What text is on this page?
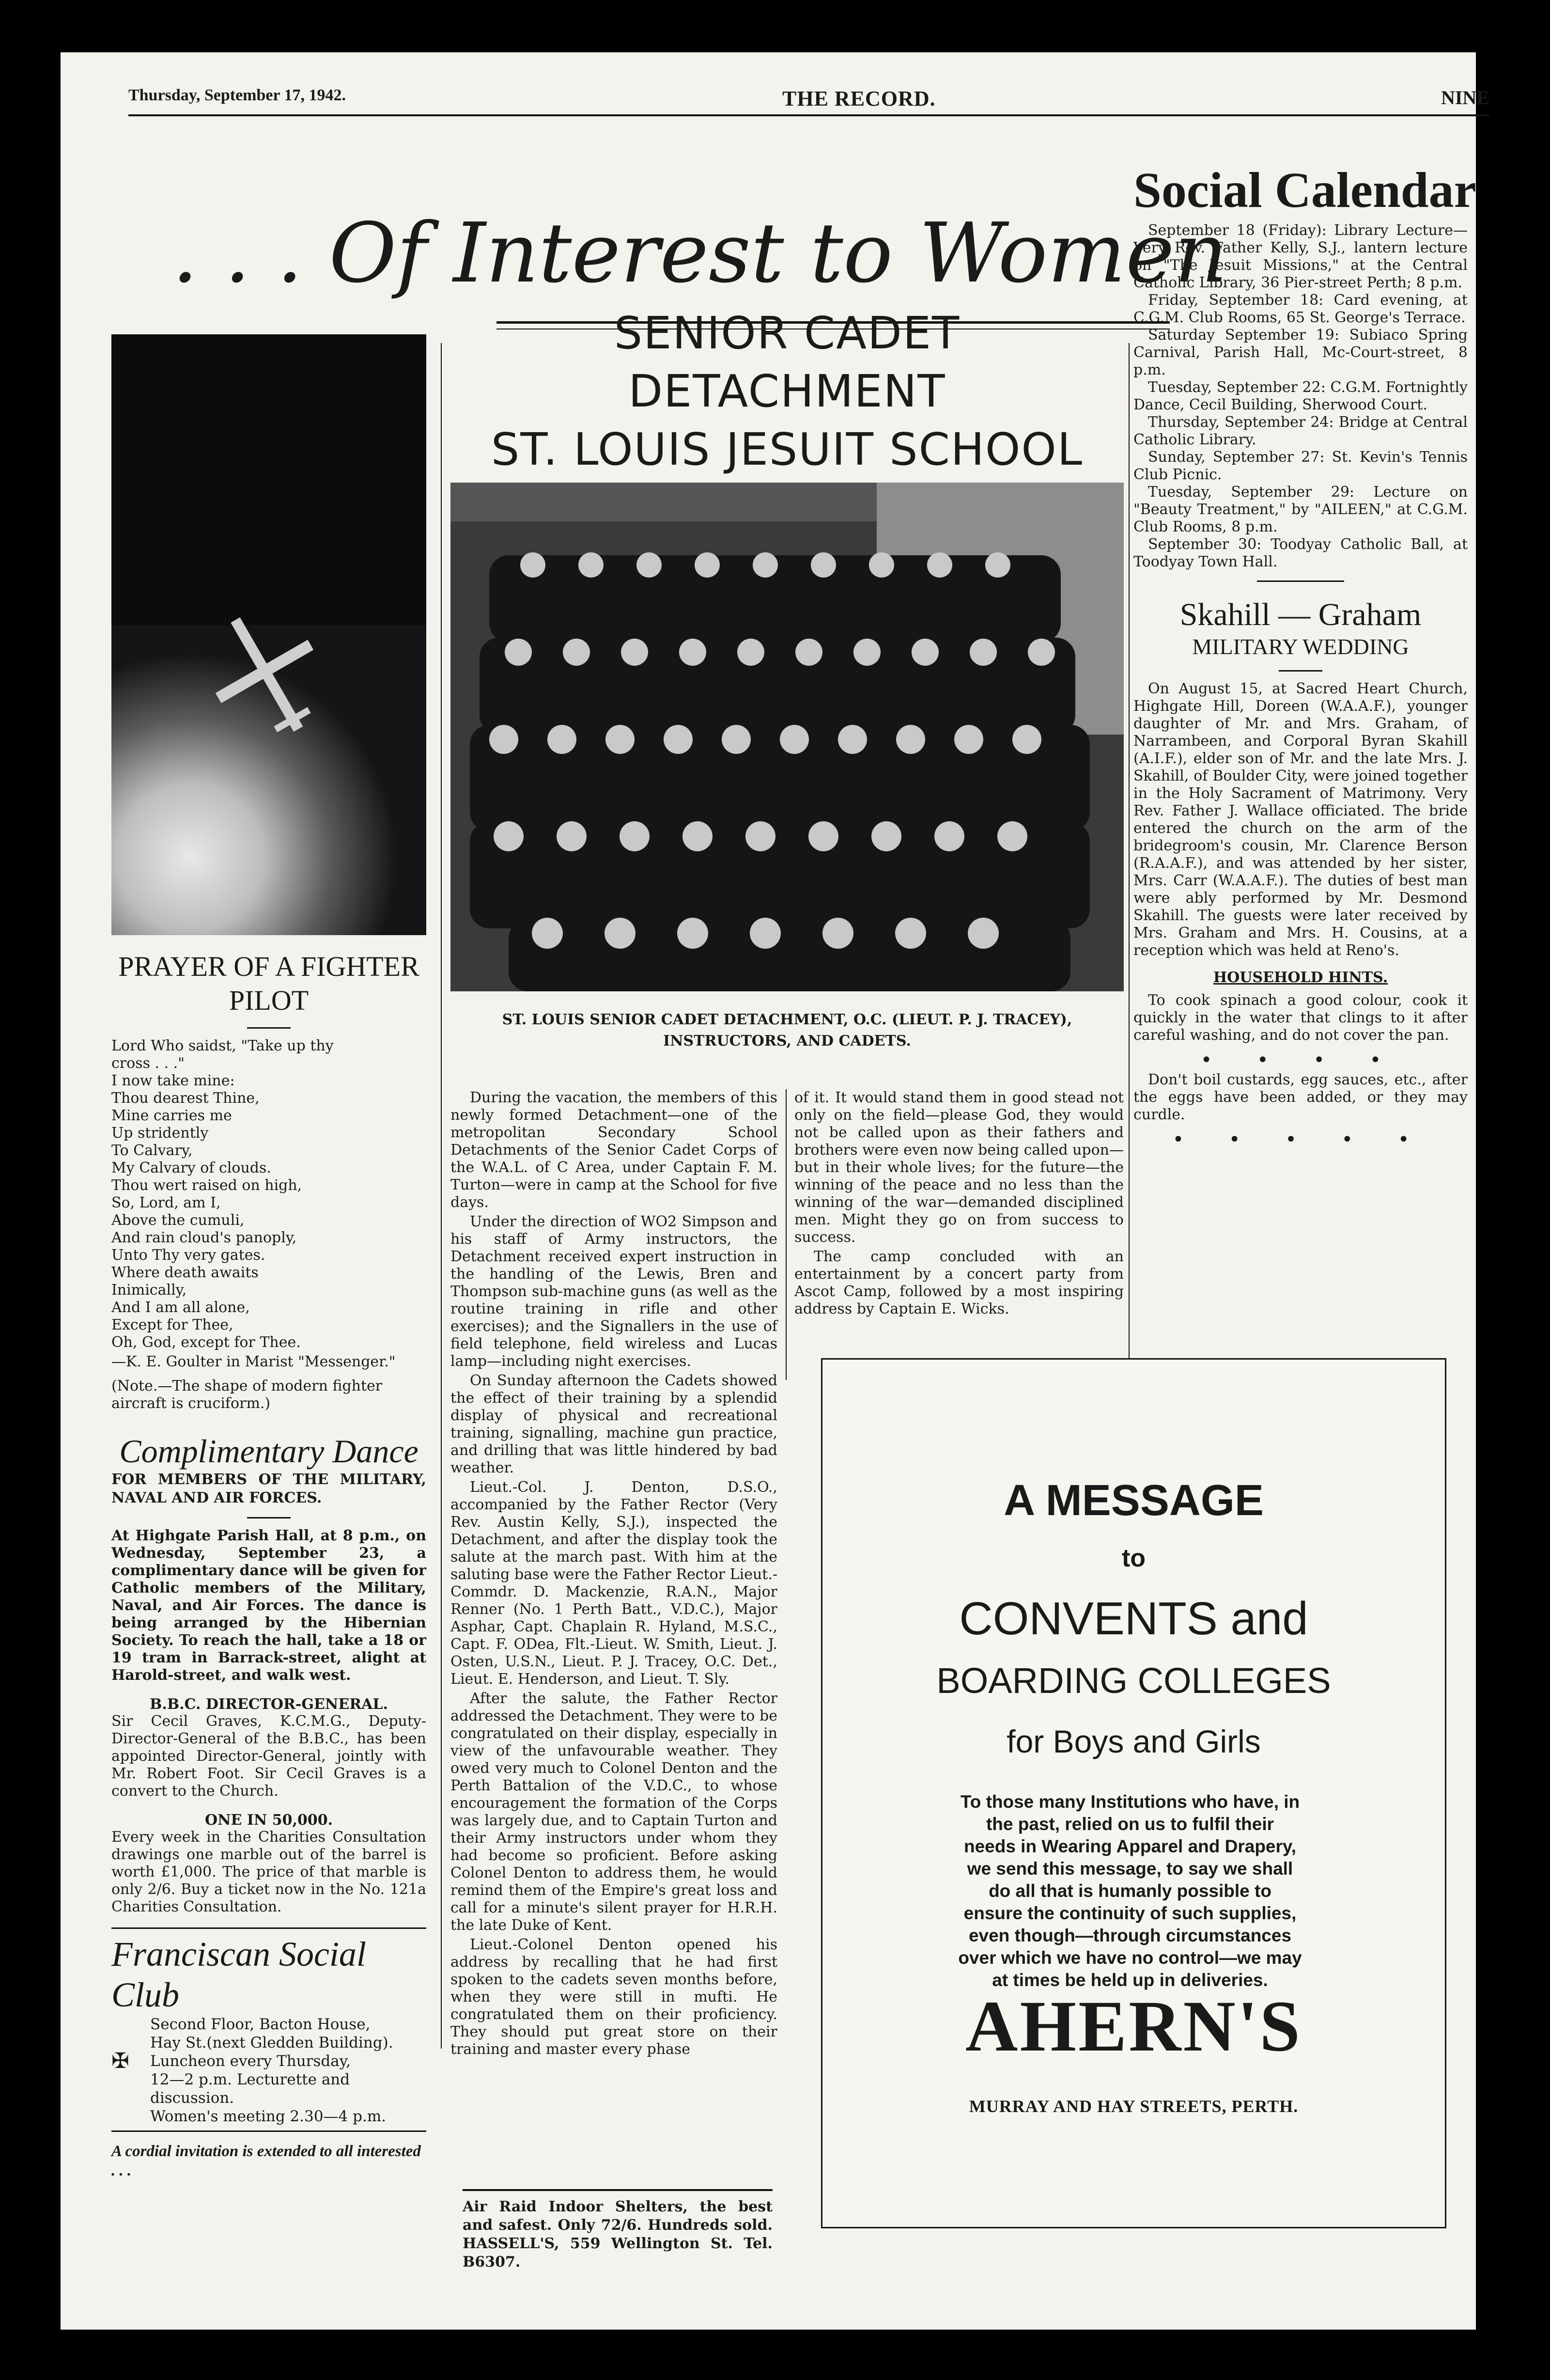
Thursday, September 17, 1942.	THE RECORD.	NINE
. . . Of Interest to Women
PRAYER OF A FIGHTER PILOT
Lord Who saidst, "Take up thy
cross . . ."
I now take mine:
Thou dearest Thine,
Mine carries me
Up stridently
To Calvary,
My Calvary of clouds.
Thou wert raised on high,
So, Lord, am I,
Above the cumuli,
And rain cloud's panoply,
Unto Thy very gates.
Where death awaits
Inimically,
And I am all alone,
Except for Thee,
Oh, God, except for Thee.
—K. E. Goulter in Marist "Messenger."
(Note.—The shape of modern fighter aircraft is cruciform.)
Complimentary Dance
FOR MEMBERS OF THE MILITARY, NAVAL AND AIR FORCES.
At Highgate Parish Hall, at 8 p.m., on Wednesday, September 23, a complimentary dance will be given for Catholic members of the Military, Naval, and Air Forces. The dance is being arranged by the Hibernian Society. To reach the hall, take a 18 or 19 tram in Barrack-street, alight at Harold-street, and walk west.
B.B.C. DIRECTOR-GENERAL.
Sir Cecil Graves, K.C.M.G., Deputy-Director-General of the B.B.C., has been appointed Director-General, jointly with Mr. Robert Foot. Sir Cecil Graves is a convert to the Church.
ONE IN 50,000.
Every week in the Charities Consultation drawings one marble out of the barrel is worth £1,000. The price of that marble is only 2/6. Buy a ticket now in the No. 121a Charities Consultation.
Franciscan Social Club
Second Floor, Bacton House,
Hay St.(next Gledden Building).
✠ Luncheon every Thursday,
12—2 p.m. Lecturette and
discussion.
Women's meeting 2.30—4 p.m.
A cordial invitation is extended to all interested . . .
SENIOR CADET DETACHMENT
ST. LOUIS JESUIT SCHOOL
ST. LOUIS SENIOR CADET DETACHMENT, O.C. (LIEUT. P. J. TRACEY), INSTRUCTORS, AND CADETS.

During the vacation, the members of this newly formed Detachment—one of the metropolitan Secondary School Detachments of the Senior Cadet Corps of the W.A.L. of C Area, under Captain F. M. Turton—were in camp at the School for five days.

Under the direction of WO2 Simpson and his staff of Army instructors, the Detachment received expert instruction in the handling of the Lewis, Bren and Thompson sub-machine guns (as well as the routine training in rifle and other exercises); and the Signallers in the use of field telephone, field wireless and Lucas lamp—including night exercises.

On Sunday afternoon the Cadets showed the effect of their training by a splendid display of physical and recreational training, signalling, machine gun practice, and drilling that was little hindered by bad weather.

Lieut.-Col. J. Denton, D.S.O., accompanied by the Father Rector (Very Rev. Austin Kelly, S.J.), inspected the Detachment, and after the display took the salute at the march past. With him at the saluting base were the Father Rector Lieut.-Commdr. D. Mackenzie, R.A.N., Major Renner (No. 1 Perth Batt., V.D.C.), Major Asphar, Capt. Chaplain R. Hyland, M.S.C., Capt. F. ODea, Flt.-Lieut. W. Smith, Lieut. J. Osten, U.S.N., Lieut. P. J. Tracey, O.C. Det., Lieut. E. Henderson, and Lieut. T. Sly.

After the salute, the Father Rector addressed the Detachment. They were to be congratulated on their display, especially in view of the unfavourable weather. They owed very much to Colonel Denton and the Perth Battalion of the V.D.C., to whose encouragement the formation of the Corps was largely due, and to Captain Turton and their Army instructors under whom they had become so proficient. Before asking Colonel Denton to address them, he would remind them of the Empire's great loss and call for a minute's silent prayer for H.R.H. the late Duke of Kent.

Lieut.-Colonel Denton opened his address by recalling that he had first spoken to the cadets seven months before, when they were still in mufti. He congratulated them on their proficiency. They should put great store on their training and master every phase

of it. It would stand them in good stead not only on the field—please God, they would not be called upon as their fathers and brothers were even now being called upon—but in their whole lives; for the future—the winning of the peace and no less than the winning of the war—demanded disciplined men. Might they go on from success to success.

The camp concluded with an entertainment by a concert party from Ascot Camp, followed by a most inspiring address by Captain E. Wicks.

Air Raid Indoor Shelters, the best and safest. Only 72/6. Hundreds sold. HASSELL'S, 559 Wellington St. Tel. B6307.
Social Calendar
September 18 (Friday): Library Lecture—Very Rev. Father Kelly, S.J., lantern lecture on "The Jesuit Missions," at the Central Catholic Library, 36 Pier-street Perth; 8 p.m.
Friday, September 18: Card evening, at C.G.M. Club Rooms, 65 St. George's Terrace.
Saturday September 19: Subiaco Spring Carnival, Parish Hall, Mc-Court-street, 8 p.m.
Tuesday, September 22: C.G.M. Fortnightly Dance, Cecil Building, Sherwood Court.
Thursday, September 24: Bridge at Central Catholic Library.
Sunday, September 27: St. Kevin's Tennis Club Picnic.
Tuesday, September 29: Lecture on "Beauty Treatment," by "AILEEN," at C.G.M. Club Rooms, 8 p.m.
September 30: Toodyay Catholic Ball, at Toodyay Town Hall.
Skahill — Graham
MILITARY WEDDING
On August 15, at Sacred Heart Church, Highgate Hill, Doreen (W.A.A.F.), younger daughter of Mr. and Mrs. Graham, of Narrambeen, and Corporal Byran Skahill (A.I.F.), elder son of Mr. and the late Mrs. J. Skahill, of Boulder City, were joined together in the Holy Sacrament of Matrimony. Very Rev. Father J. Wallace officiated. The bride entered the church on the arm of the bridegroom's cousin, Mr. Clarence Berson (R.A.A.F.), and was attended by her sister, Mrs. Carr (W.A.A.F.). The duties of best man were ably performed by Mr. Desmond Skahill. The guests were later received by Mrs. Graham and Mrs. H. Cousins, at a reception which was held at Reno's.
HOUSEHOLD HINTS.
To cook spinach a good colour, cook it quickly in the water that clings to it after careful washing, and do not cover the pan.
• • • •
Don't boil custards, egg sauces, etc., after the eggs have been added, or they may curdle.
• • • • •
A MESSAGE
to
CONVENTS and
BOARDING COLLEGES
for Boys and Girls
To those many Institutions who have, in the past, relied on us to fulfil their needs in Wearing Apparel and Drapery, we send this message, to say we shall do all that is humanly possible to ensure the continuity of such supplies, even though—through circumstances over which we have no control—we may at times be held up in deliveries.
AHERN'S
MURRAY AND HAY STREETS, PERTH.
